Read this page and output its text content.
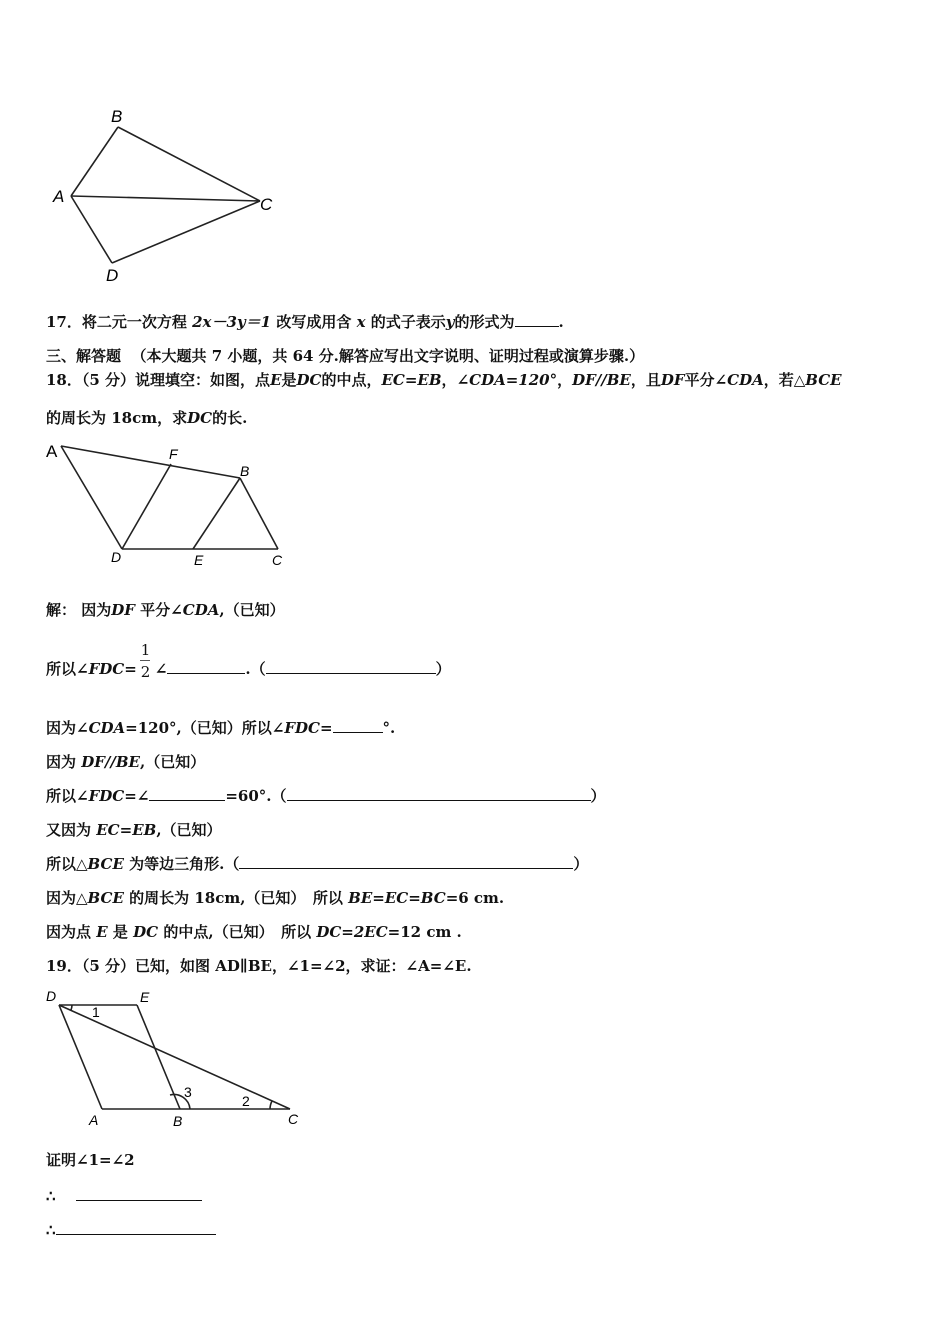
B
A	C
D
17．将二元一次方程 2x－3y＝1 改写成用含 x 的式子表示y的形式为	.
三、解答题 （本大题共 7 小题，共 64 分.解答应写出文字说明、证明过程或演算步骤.）
18．（5 分）说理填空：如图，点E是DC的中点，EC=EB，∠CDA=120°，DF//BE，且DF平分∠CDA，若△BCE
的周长为 18cm，求DC的长.
A	F
B
D	E	C
解： 因为DF 平分∠CDA,（已知）
所以∠FDC= $\frac{1}{2}$ ∠	.（	）
因为∠CDA=120°,（已知）所以∠FDC=	°.
因为 DF//BE,（已知）
所以∠FDC=∠	=60°.（	）
又因为 EC=EB,（已知）
所以△BCE 为等边三角形.（	）
因为△BCE 的周长为 18cm,（已知）　所以 BE=EC=BC=6 cm.
因为点 E 是 DC 的中点,（已知）　所以 DC=2EC=12 cm .
19．（5 分）已知，如图 AD∥BE，∠1=∠2，求证：∠A=∠E.
D	E
1
3
2
A	B	C
证明∠1=∠2
∴
∴
